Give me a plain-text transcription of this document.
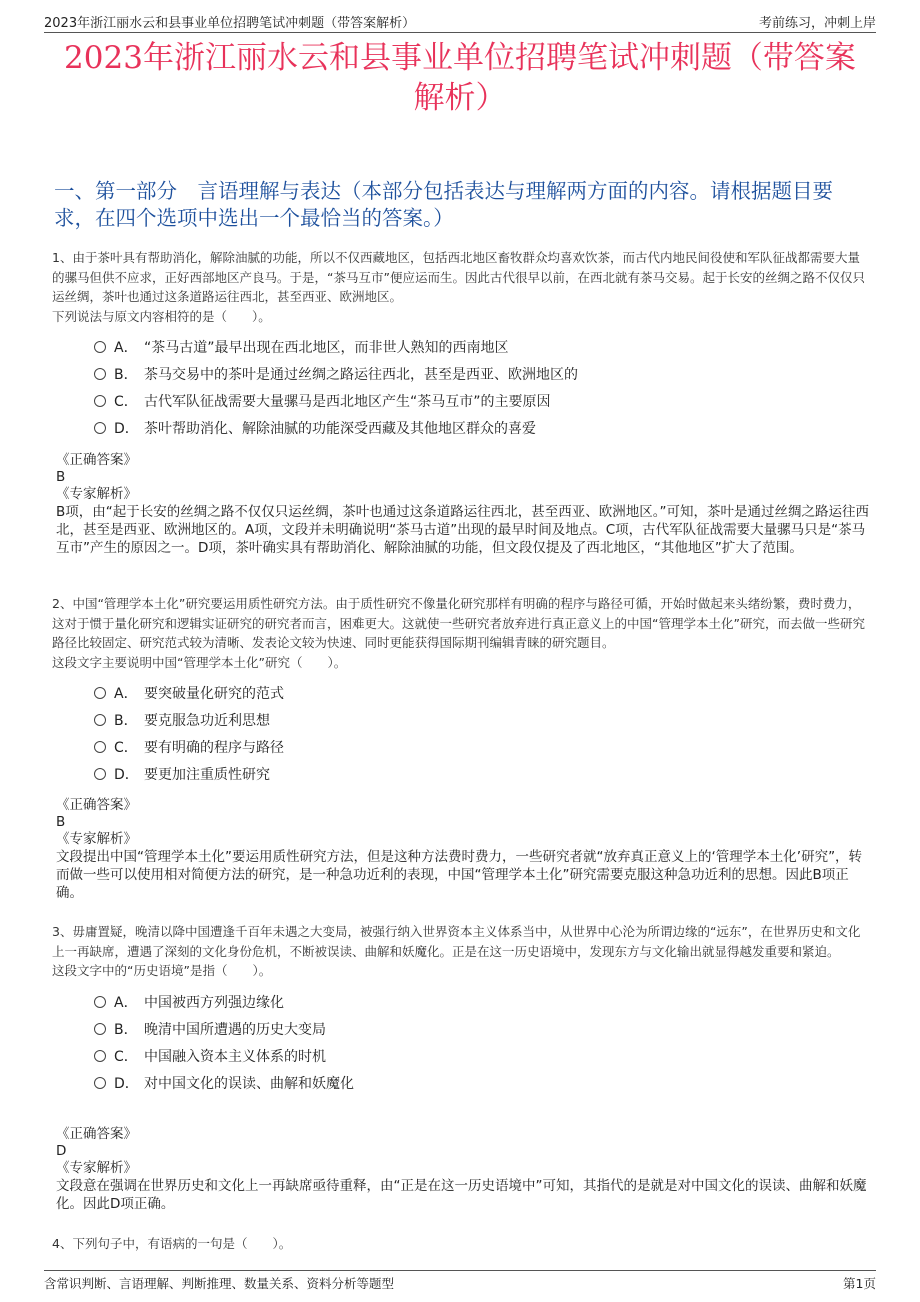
2023年浙江丽水云和县事业单位招聘笔试冲刺题（带答案解析）	考前练习，冲刺上岸
2023年浙江丽水云和县事业单位招聘笔试冲刺题（带答案解析）
一、第一部分　言语理解与表达（本部分包括表达与理解两方面的内容。请根据题目要求，在四个选项中选出一个最恰当的答案。）

1、由于茶叶具有帮助消化，解除油腻的功能，所以不仅西藏地区，包括西北地区畜牧群众均喜欢饮茶，而古代内地民间役使和军队征战都需要大量的骡马但供不应求，正好西部地区产良马。于是，“茶马互市”便应运而生。因此古代很早以前，在西北就有茶马交易。起于长安的丝绸之路不仅仅只运丝绸，茶叶也通过这条道路运往西北，甚至西亚、欧洲地区。

下列说法与原文内容相符的是（　　）。

A． “茶马古道”最早出现在西北地区，而非世人熟知的西南地区
B． 茶马交易中的茶叶是通过丝绸之路运往西北，甚至是西亚、欧洲地区的
C． 古代军队征战需要大量骡马是西北地区产生“茶马互市”的主要原因
D． 茶叶帮助消化、解除油腻的功能深受西藏及其他地区群众的喜爱

《正确答案》

B

《专家解析》

B项，由“起于长安的丝绸之路不仅仅只运丝绸，茶叶也通过这条道路运往西北，甚至西亚、欧洲地区。”可知，茶叶是通过丝绸之路运往西北，甚至是西亚、欧洲地区的。A项，文段并未明确说明“茶马古道”出现的最早时间及地点。C项，古代军队征战需要大量骡马只是“茶马互市”产生的原因之一。D项，茶叶确实具有帮助消化、解除油腻的功能，但文段仅提及了西北地区，“其他地区”扩大了范围。

2、中国“管理学本土化”研究要运用质性研究方法。由于质性研究不像量化研究那样有明确的程序与路径可循，开始时做起来头绪纷繁，费时费力，这对于惯于量化研究和逻辑实证研究的研究者而言，困难更大。这就使一些研究者放弃进行真正意义上的中国“管理学本土化”研究，而去做一些研究路径比较固定、研究范式较为清晰、发表论文较为快速、同时更能获得国际期刊编辑青睐的研究题目。

这段文字主要说明中国“管理学本土化”研究（　　）。

A． 要突破量化研究的范式
B． 要克服急功近利思想
C． 要有明确的程序与路径
D． 要更加注重质性研究

《正确答案》

B

《专家解析》

文段提出中国“管理学本土化”要运用质性研究方法，但是这种方法费时费力，一些研究者就“放弃真正意义上的‘管理学本土化’研究”，转而做一些可以使用相对简便方法的研究，是一种急功近利的表现，中国“管理学本土化”研究需要克服这种急功近利的思想。因此B项正确。

3、毋庸置疑，晚清以降中国遭逢千百年未遇之大变局，被强行纳入世界资本主义体系当中，从世界中心沦为所谓边缘的“远东”，在世界历史和文化上一再缺席，遭遇了深刻的文化身份危机，不断被误读、曲解和妖魔化。正是在这一历史语境中，发现东方与文化输出就显得越发重要和紧迫。

这段文字中的“历史语境”是指（　　）。

A． 中国被西方列强边缘化
B． 晚清中国所遭遇的历史大变局
C． 中国融入资本主义体系的时机
D． 对中国文化的误读、曲解和妖魔化

《正确答案》

D

《专家解析》

文段意在强调在世界历史和文化上一再缺席亟待重释，由“正是在这一历史语境中”可知，其指代的是就是对中国文化的误读、曲解和妖魔化。因此D项正确。

4、下列句子中，有语病的一句是（　　）。

含常识判断、言语理解、判断推理、数量关系、资料分析等题型	第1页
